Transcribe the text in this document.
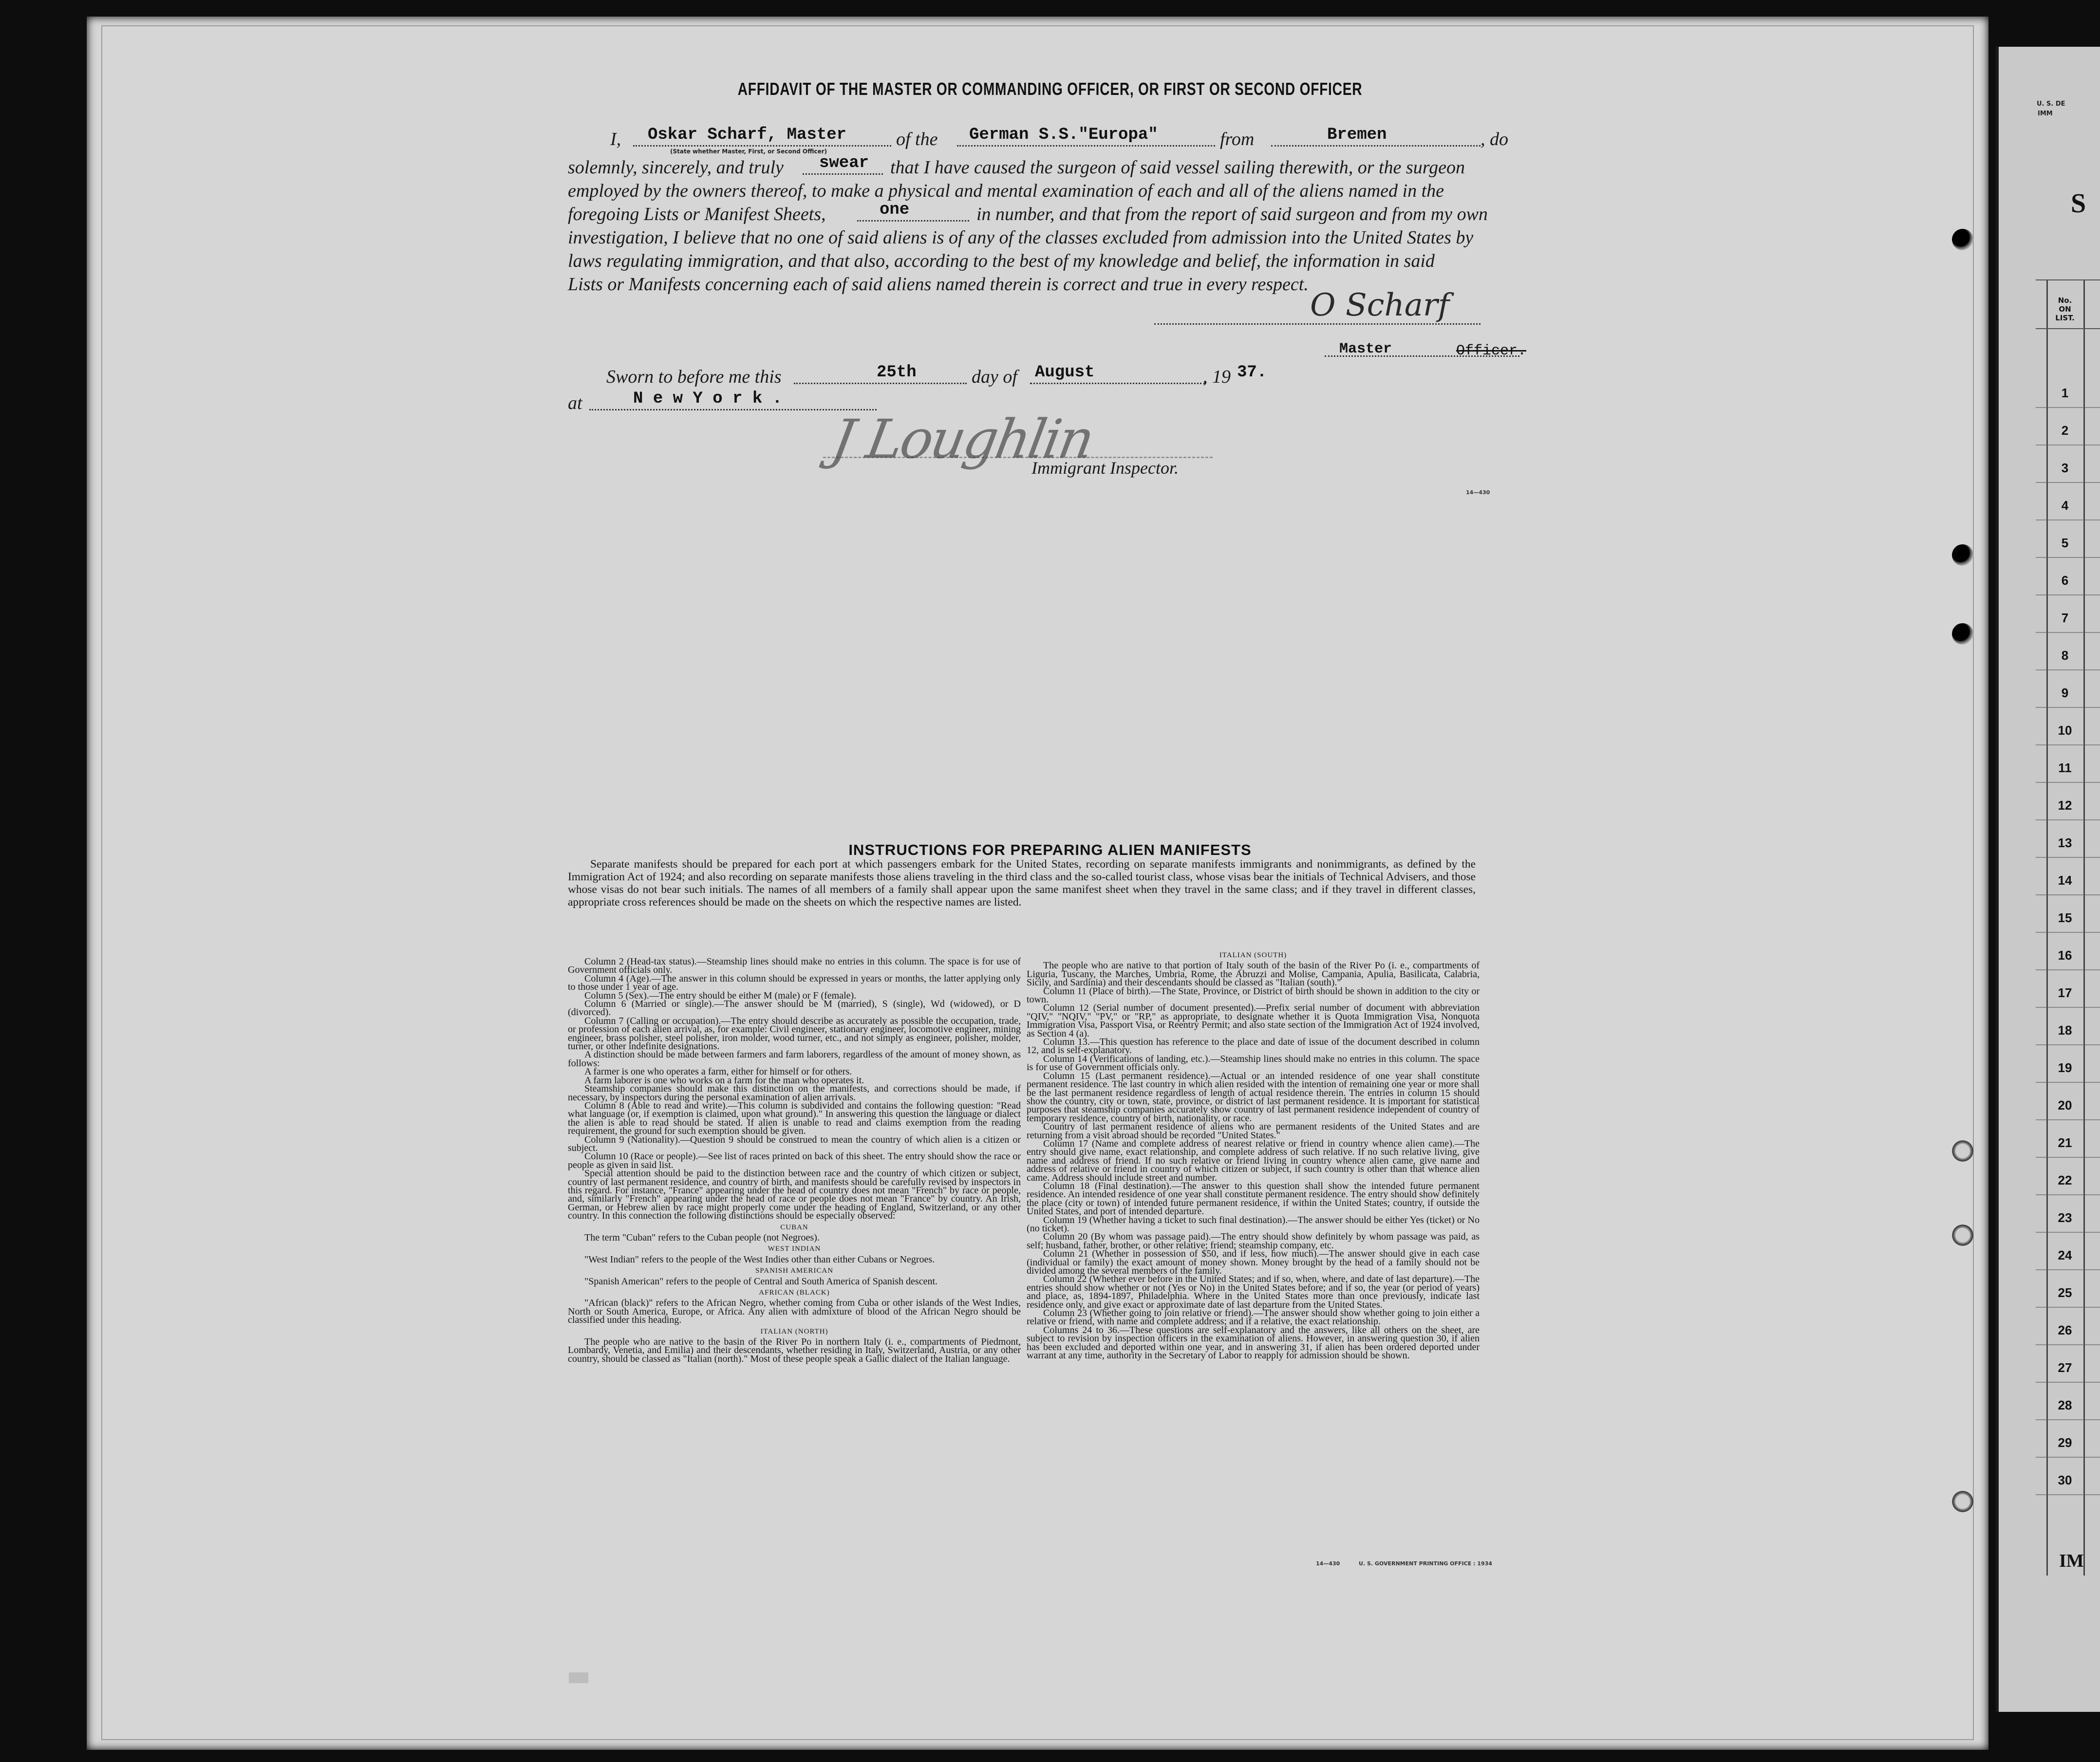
AFFIDAVIT OF THE MASTER OR COMMANDING OFFICER, OR FIRST OR SECOND OFFICER
I, Oskar Scharf, Master
(State whether Master, First, or Second Officer)
of the German S.S."Europa"	from	Bremen	, do
solemnly, sincerely, and truly swear that I have caused the surgeon of said vessel sailing therewith, or the surgeon
employed by the owners thereof, to make a physical and mental examination of each and all of the aliens named in the
foregoing Lists or Manifest Sheets,	one	in number, and that from the report of said surgeon and from my own
investigation, I believe that no one of said aliens is of any of the classes excluded from admission into the United States by
laws regulating immigration, and that also, according to the best of my knowledge and belief, the information in said
Lists or Manifests concerning each of said aliens named therein is correct and true in every respect.
O Scharf
Master	Officer.
Sworn to before me this	25th	day of August	, 19 37.
at	N e w Y o r k .
J Loughlin
Immigrant Inspector.
14—430
INSTRUCTIONS FOR PREPARING ALIEN MANIFESTS

Separate manifests should be prepared for each port at which passengers embark for the United States, recording on separate manifests immigrants and nonimmigrants, as defined by the Immigration Act of 1924; and also recording on separate manifests those aliens traveling in the third class and the so-called tourist class, whose visas bear the initials of Technical Advisers, and those whose visas do not bear such initials. The names of all members of a family shall appear upon the same manifest sheet when they travel in the same class; and if they travel in different classes, appropriate cross references should be made on the sheets on which the respective names are listed.

Column 2 (Head-tax status).—Steamship lines should make no entries in this column. The space is for use of Government officials only.

Column 4 (Age).—The answer in this column should be expressed in years or months, the latter applying only to those under 1 year of age.

Column 5 (Sex).—The entry should be either M (male) or F (female).

Column 6 (Married or single).—The answer should be M (married), S (single), Wd (widowed), or D (divorced).

Column 7 (Calling or occupation).—The entry should describe as accurately as possible the occupation, trade, or profession of each alien arrival, as, for example: Civil engineer, stationary engineer, locomotive engineer, mining engineer, brass polisher, steel polisher, iron molder, wood turner, etc., and not simply as engineer, polisher, molder, turner, or other indefinite designations.

A distinction should be made between farmers and farm laborers, regardless of the amount of money shown, as follows:

A farmer is one who operates a farm, either for himself or for others.

A farm laborer is one who works on a farm for the man who operates it.

Steamship companies should make this distinction on the manifests, and corrections should be made, if necessary, by inspectors during the personal examination of alien arrivals.

Column 8 (Able to read and write).—This column is subdivided and contains the following question: "Read what language (or, if exemption is claimed, upon what ground)." In answering this question the language or dialect the alien is able to read should be stated. If alien is unable to read and claims exemption from the reading requirement, the ground for such exemption should be given.

Column 9 (Nationality).—Question 9 should be construed to mean the country of which alien is a citizen or subject.

Column 10 (Race or people).—See list of races printed on back of this sheet. The entry should show the race or people as given in said list.

Special attention should be paid to the distinction between race and the country of which citizen or subject, country of last permanent residence, and country of birth, and manifests should be carefully revised by inspectors in this regard. For instance, "France" appearing under the head of country does not mean "French" by race or people, and, similarly "French" appearing under the head of race or people does not mean "France" by country. An Irish, German, or Hebrew alien by race might properly come under the heading of England, Switzerland, or any other country. In this connection the following distinctions should be especially observed:

CUBAN

The term "Cuban" refers to the Cuban people (not Negroes).

WEST INDIAN

"West Indian" refers to the people of the West Indies other than either Cubans or Negroes.

SPANISH AMERICAN

"Spanish American" refers to the people of Central and South America of Spanish descent.

AFRICAN (BLACK)

"African (black)" refers to the African Negro, whether coming from Cuba or other islands of the West Indies, North or South America, Europe, or Africa. Any alien with admixture of blood of the African Negro should be classified under this heading.

ITALIAN (NORTH)

The people who are native to the basin of the River Po in northern Italy (i. e., compartments of Piedmont, Lombardy, Venetia, and Emilia) and their descendants, whether residing in Italy, Switzerland, Austria, or any other country, should be classed as "Italian (north)." Most of these people speak a Gallic dialect of the Italian language.

ITALIAN (SOUTH)

The people who are native to that portion of Italy south of the basin of the River Po (i. e., compartments of Liguria, Tuscany, the Marches, Umbria, Rome, the Abruzzi and Molise, Campania, Apulia, Basilicata, Calabria, Sicily, and Sardinia) and their descendants should be classed as "Italian (south)."

Column 11 (Place of birth).—The State, Province, or District of birth should be shown in addition to the city or town.

Column 12 (Serial number of document presented).—Prefix serial number of document with abbreviation "QIV," "NQIV," "PV," or "RP," as appropriate, to designate whether it is Quota Immigration Visa, Nonquota Immigration Visa, Passport Visa, or Reentry Permit; and also state section of the Immigration Act of 1924 involved, as Section 4 (a).

Column 13.—This question has reference to the place and date of issue of the document described in column 12, and is self-explanatory.

Column 14 (Verifications of landing, etc.).—Steamship lines should make no entries in this column. The space is for use of Government officials only.

Column 15 (Last permanent residence).—Actual or an intended residence of one year shall constitute permanent residence. The last country in which alien resided with the intention of remaining one year or more shall be the last permanent residence regardless of length of actual residence therein. The entries in column 15 should show the country, city or town, state, province, or district of last permanent residence. It is important for statistical purposes that steamship companies accurately show country of last permanent residence independent of country of temporary residence, country of birth, nationality, or race.

Country of last permanent residence of aliens who are permanent residents of the United States and are returning from a visit abroad should be recorded "United States."

Column 17 (Name and complete address of nearest relative or friend in country whence alien came).—The entry should give name, exact relationship, and complete address of such relative. If no such relative living, give name and address of friend. If no such relative or friend living in country whence alien came, give name and address of relative or friend in country of which citizen or subject, if such country is other than that whence alien came. Address should include street and number.

Column 18 (Final destination).—The answer to this question shall show the intended future permanent residence. An intended residence of one year shall constitute permanent residence. The entry should show definitely the place (city or town) of intended future permanent residence, if within the United States; country, if outside the United States, and port of intended departure.

Column 19 (Whether having a ticket to such final destination).—The answer should be either Yes (ticket) or No (no ticket).

Column 20 (By whom was passage paid).—The entry should show definitely by whom passage was paid, as self; husband, father, brother, or other relative; friend; steamship company, etc.

Column 21 (Whether in possession of $50, and if less, how much).—The answer should give in each case (individual or family) the exact amount of money shown. Money brought by the head of a family should not be divided among the several members of the family.

Column 22 (Whether ever before in the United States; and if so, when, where, and date of last departure).—The entries should show whether or not (Yes or No) in the United States before; and if so, the year (or period of years) and place, as, 1894-1897, Philadelphia. Where in the United States more than once previously, indicate last residence only, and give exact or approximate date of last departure from the United States.

Column 23 (Whether going to join relative or friend).—The answer should show whether going to join either a relative or friend, with name and complete address; and if a relative, the exact relationship.

Columns 24 to 36.—These questions are self-explanatory and the answers, like all others on the sheet, are subject to revision by inspection officers in the examination of aliens. However, in answering question 30, if alien has been excluded and deported within one year, and in answering 31, if alien has been ordered deported under warrant at any time, authority in the Secretary of Labor to reapply for admission should be shown.

14—430	U. S. GOVERNMENT PRINTING OFFICE : 1934
U. S. DE
IMM
S
No.
ON
LIST.
1
2
3
4
5
6
7
8
9
10
11
12
13
14
15
16
17
18
19
20
21
22
23
24
25
26
27
28
29
30
IM
